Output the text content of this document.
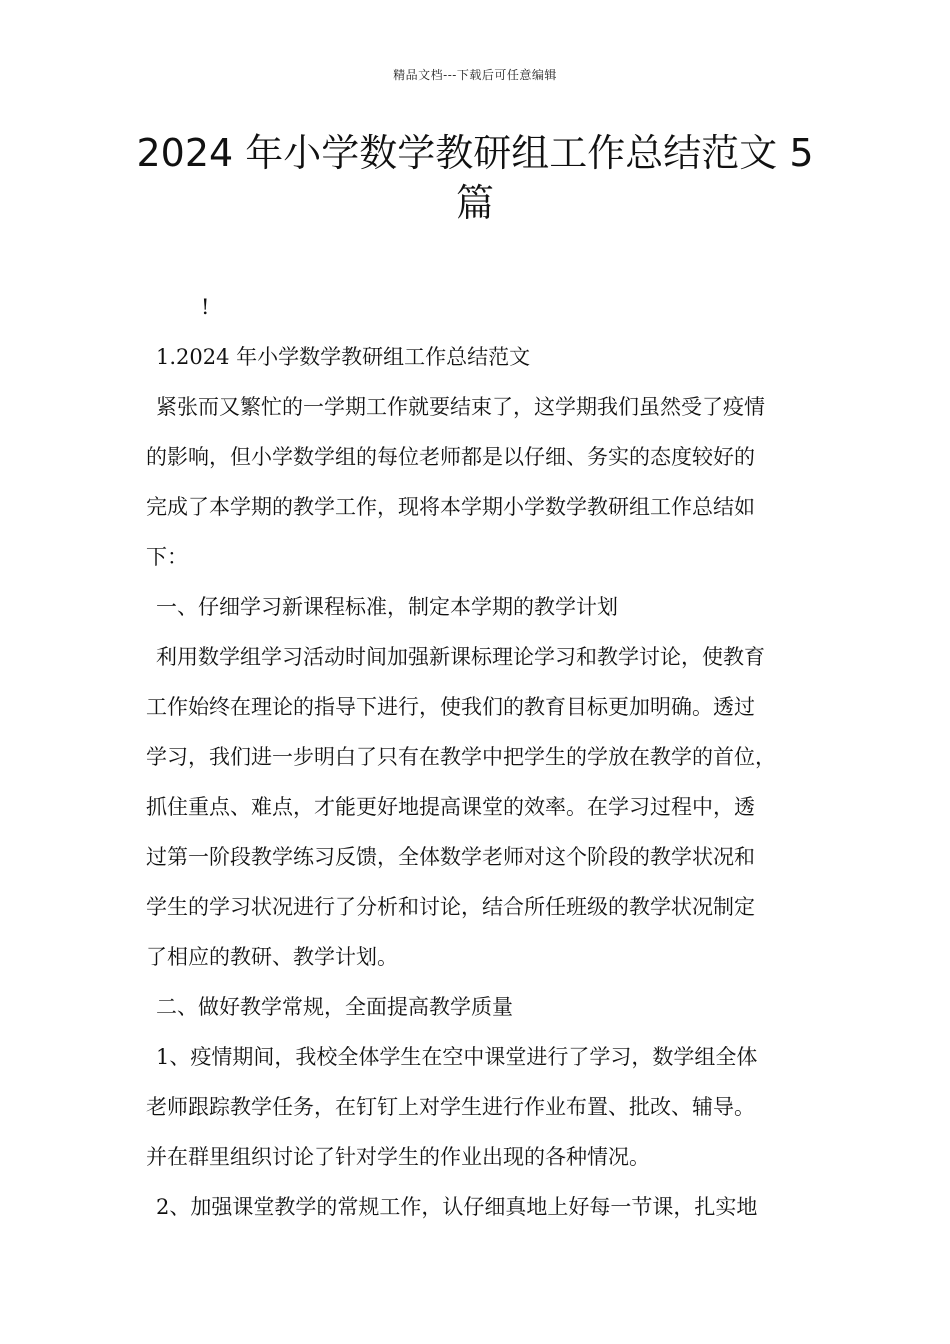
精品文档---下载后可任意编辑
2024 年小学数学教研组工作总结范文 5
篇
!
1.2024 年小学数学教研组工作总结范文
紧张而又繁忙的一学期工作就要结束了，这学期我们虽然受了疫情
的影响，但小学数学组的每位老师都是以仔细、务实的态度较好的
完成了本学期的教学工作，现将本学期小学数学教研组工作总结如
下：
一、仔细学习新课程标准，制定本学期的教学计划
利用数学组学习活动时间加强新课标理论学习和教学讨论，使教育
工作始终在理论的指导下进行，使我们的教育目标更加明确。透过
学习，我们进一步明白了只有在教学中把学生的学放在教学的首位，
抓住重点、难点，才能更好地提高课堂的效率。在学习过程中，透
过第一阶段教学练习反馈，全体数学老师对这个阶段的教学状况和
学生的学习状况进行了分析和讨论，结合所任班级的教学状况制定
了相应的教研、教学计划。
二、做好教学常规，全面提高教学质量
1、疫情期间，我校全体学生在空中课堂进行了学习，数学组全体
老师跟踪教学任务，在钉钉上对学生进行作业布置、批改、辅导。
并在群里组织讨论了针对学生的作业出现的各种情况。
2、加强课堂教学的常规工作，认仔细真地上好每一节课，扎实地
